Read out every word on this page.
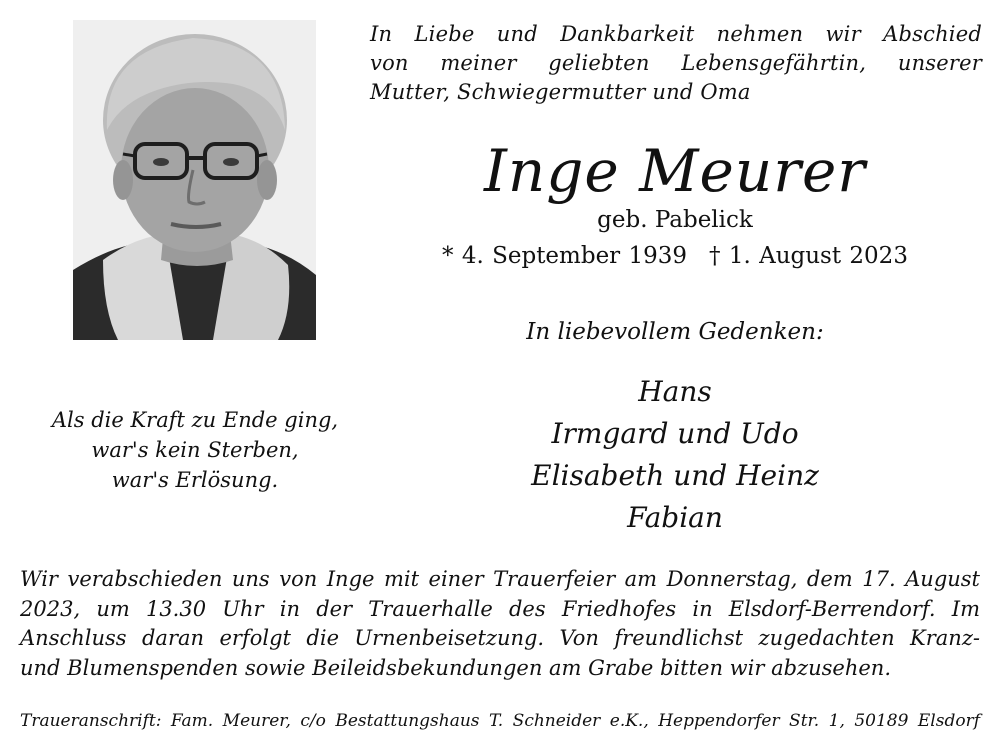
In Liebe und Dankbarkeit nehmen wir Abschied
von meiner geliebten Lebensgefährtin, unserer
Mutter, Schwiegermutter und Oma
Inge Meurer
geb. Pabelick
* 4. September 1939 † 1. August 2023
In liebevollem Gedenken:
Hans
Irmgard und Udo
Elisabeth und Heinz
Fabian
Als die Kraft zu Ende ging,
war's kein Sterben,
war's Erlösung.
Wir verabschieden uns von Inge mit einer Trauerfeier am Donnerstag, dem 17. August
2023, um 13.30 Uhr in der Trauerhalle des Friedhofes in Elsdorf-Berrendorf. Im
Anschluss daran erfolgt die Urnenbeisetzung. Von freundlichst zugedachten Kranz-
und Blumenspenden sowie Beileidsbekundungen am Grabe bitten wir abzusehen.
Traueranschrift: Fam. Meurer, c/o Bestattungshaus T. Schneider e.K., Heppendorfer Str. 1, 50189 Elsdorf
